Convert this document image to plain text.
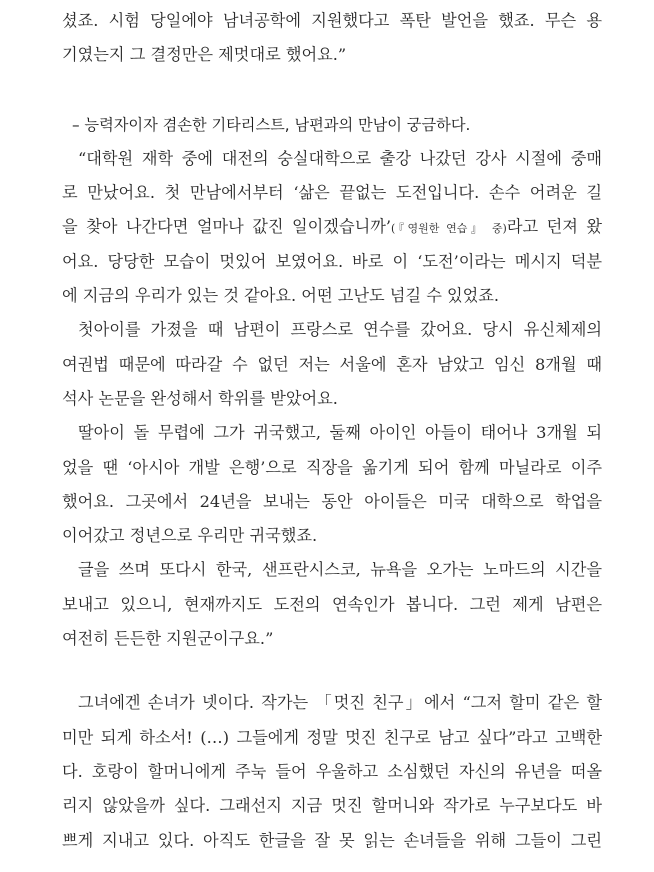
셨죠. 시험 당일에야 남녀공학에 지원했다고 폭탄 발언을 했죠. 무슨 용
기였는지 그 결정만은 제멋대로 했어요.”
– 능력자이자 겸손한 기타리스트, 남편과의 만남이 궁금하다.
“대학원 재학 중에 대전의 숭실대학으로 출강 나갔던 강사 시절에 중매
로 만났어요. 첫 만남에서부터 ‘삶은 끝없는 도전입니다. 손수 어려운 길
을 찾아 나간다면 얼마나 값진 일이겠습니까’(『영원한 연습』 중)라고 던져 왔
어요. 당당한 모습이 멋있어 보였어요. 바로 이 ‘도전’이라는 메시지 덕분
에 지금의 우리가 있는 것 같아요. 어떤 고난도 넘길 수 있었죠.
첫아이를 가졌을 때 남편이 프랑스로 연수를 갔어요. 당시 유신체제의
여권법 때문에 따라갈 수 없던 저는 서울에 혼자 남았고 임신 8개월 때
석사 논문을 완성해서 학위를 받았어요.
딸아이 돌 무렵에 그가 귀국했고, 둘째 아이인 아들이 태어나 3개월 되
었을 땐 ‘아시아 개발 은행’으로 직장을 옮기게 되어 함께 마닐라로 이주
했어요. 그곳에서 24년을 보내는 동안 아이들은 미국 대학으로 학업을
이어갔고 정년으로 우리만 귀국했죠.
글을 쓰며 또다시 한국, 샌프란시스코, 뉴욕을 오가는 노마드의 시간을
보내고 있으니, 현재까지도 도전의 연속인가 봅니다. 그런 제게 남편은
여전히 든든한 지원군이구요.”
그녀에겐 손녀가 넷이다. 작가는 「멋진 친구」에서 “그저 할미 같은 할
미만 되게 하소서! (…) 그들에게 정말 멋진 친구로 남고 싶다”라고 고백한
다. 호랑이 할머니에게 주눅 들어 우울하고 소심했던 자신의 유년을 떠올
리지 않았을까 싶다. 그래선지 지금 멋진 할머니와 작가로 누구보다도 바
쁘게 지내고 있다. 아직도 한글을 잘 못 읽는 손녀들을 위해 그들이 그린
